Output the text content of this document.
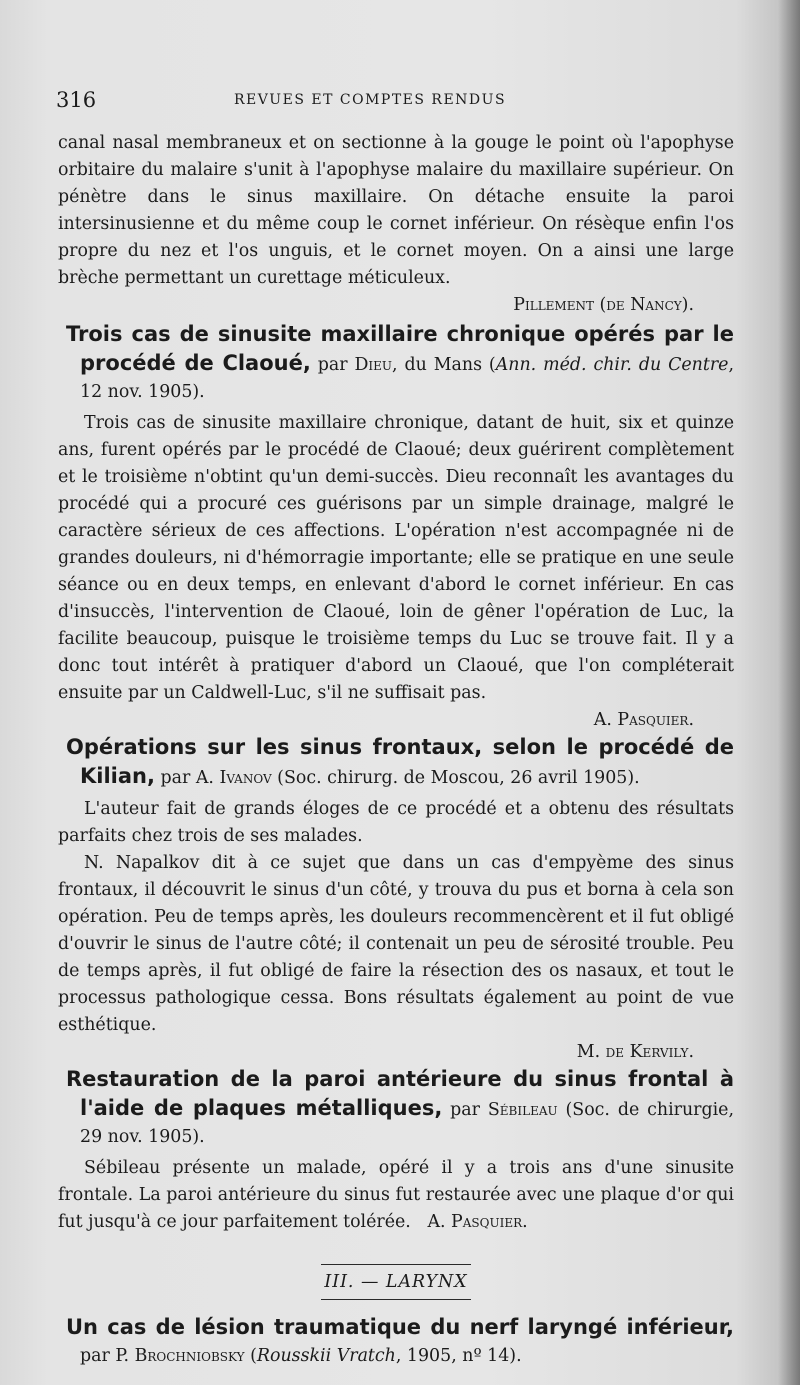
316	REVUES ET COMPTES RENDUS

canal nasal membraneux et on sectionne à la gouge le point où l'apophyse orbitaire du malaire s'unit à l'apophyse malaire du maxillaire supérieur. On pénètre dans le sinus maxillaire. On détache ensuite la paroi intersinusienne et du même coup le cornet inférieur. On résèque enfin l'os propre du nez et l'os unguis, et le cornet moyen. On a ainsi une large brèche permettant un curettage méticuleux.

Pillement (de Nancy).

Trois cas de sinusite maxillaire chronique opérés par le procédé de Claoué, par Dieu, du Mans (Ann. méd. chir. du Centre, 12 nov. 1905).

Trois cas de sinusite maxillaire chronique, datant de huit, six et quinze ans, furent opérés par le procédé de Claoué; deux guérirent complètement et le troisième n'obtint qu'un demi-succès. Dieu reconnaît les avantages du procédé qui a procuré ces guérisons par un simple drainage, malgré le caractère sérieux de ces affections. L'opération n'est accompagnée ni de grandes douleurs, ni d'hémorragie importante; elle se pratique en une seule séance ou en deux temps, en enlevant d'abord le cornet inférieur. En cas d'insuccès, l'intervention de Claoué, loin de gêner l'opération de Luc, la facilite beaucoup, puisque le troisième temps du Luc se trouve fait. Il y a donc tout intérêt à pratiquer d'abord un Claoué, que l'on compléterait ensuite par un Caldwell-Luc, s'il ne suffisait pas.

A. Pasquier.

Opérations sur les sinus frontaux, selon le procédé de Kilian, par A. Ivanov (Soc. chirurg. de Moscou, 26 avril 1905).

L'auteur fait de grands éloges de ce procédé et a obtenu des résultats parfaits chez trois de ses malades.

N. Napalkov dit à ce sujet que dans un cas d'empyème des sinus frontaux, il découvrit le sinus d'un côté, y trouva du pus et borna à cela son opération. Peu de temps après, les douleurs recommencèrent et il fut obligé d'ouvrir le sinus de l'autre côté; il contenait un peu de sérosité trouble. Peu de temps après, il fut obligé de faire la résection des os nasaux, et tout le processus pathologique cessa. Bons résultats également au point de vue esthétique.

M. de Kervily.

Restauration de la paroi antérieure du sinus frontal à l'aide de plaques métalliques, par Sébileau (Soc. de chirurgie, 29 nov. 1905).

Sébileau présente un malade, opéré il y a trois ans d'une sinusite frontale. La paroi antérieure du sinus fut restaurée avec une plaque d'or qui fut jusqu'à ce jour parfaitement tolérée. A. Pasquier.

III. — LARYNX

Un cas de lésion traumatique du nerf laryngé inférieur, par P. Brochniobsky (Rousskii Vratch, 1905, nº 14).
